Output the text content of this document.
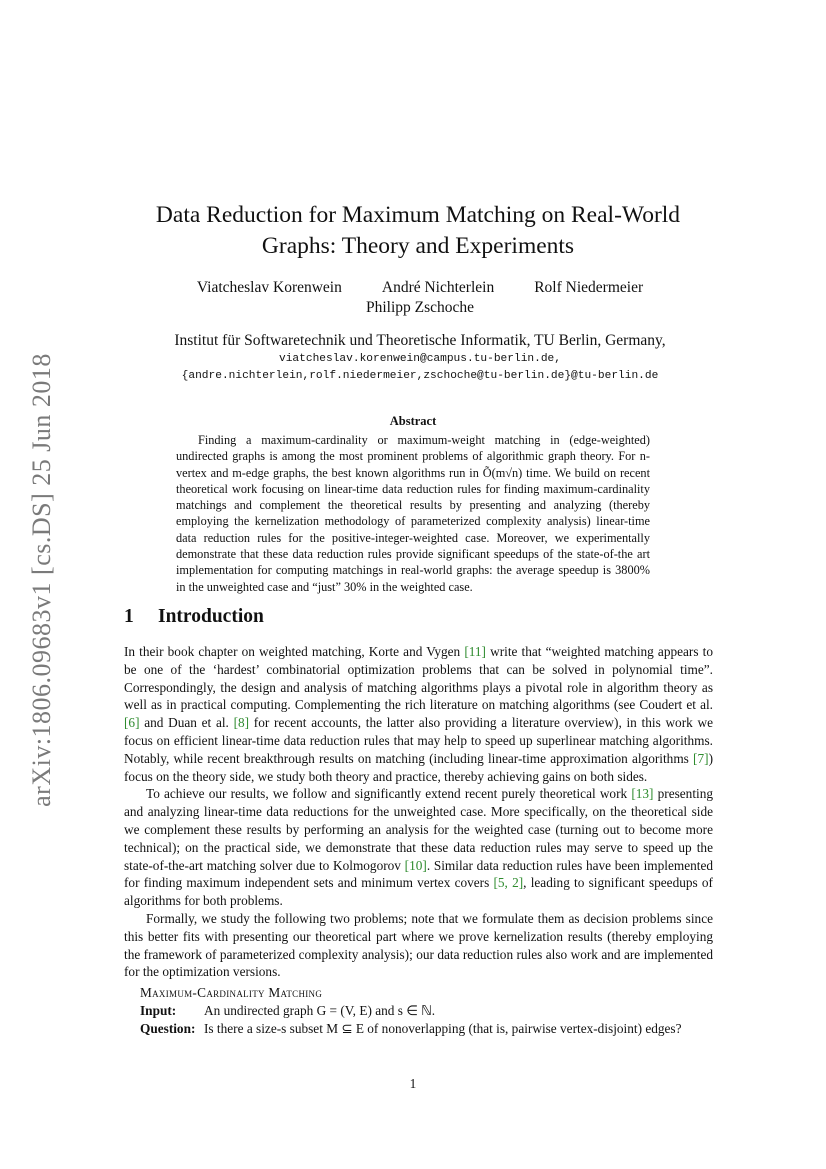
arXiv:1806.09683v1 [cs.DS] 25 Jun 2018
Data Reduction for Maximum Matching on Real-World
Graphs: Theory and Experiments
Viatcheslav Korenwein	André Nichterlein	Rolf Niedermeier
Philipp Zschoche
Institut für Softwaretechnik und Theoretische Informatik, TU Berlin, Germany,
viatcheslav.korenwein@campus.tu-berlin.de,
{andre.nichterlein,rolf.niedermeier,zschoche@tu-berlin.de}@tu-berlin.de
Abstract

Finding a maximum-cardinality or maximum-weight matching in (edge-weighted) undirected graphs is among the most prominent problems of algorithmic graph theory. For n-vertex and m-edge graphs, the best known algorithms run in Õ(m√n) time. We build on recent theoretical work focusing on linear-time data reduction rules for finding maximum-cardinality matchings and complement the theoretical results by presenting and analyzing (thereby employing the kernelization methodology of parameterized complexity analysis) linear-time data reduction rules for the positive-integer-weighted case. Moreover, we experimentally demonstrate that these data reduction rules provide significant speedups of the state-of-the art implementation for computing matchings in real-world graphs: the average speedup is 3800% in the unweighted case and “just” 30% in the weighted case.

1 Introduction

In their book chapter on weighted matching, Korte and Vygen [11] write that “weighted matching appears to be one of the ‘hardest’ combinatorial optimization problems that can be solved in polynomial time”. Correspondingly, the design and analysis of matching algorithms plays a pivotal role in algorithm theory as well as in practical computing. Complementing the rich literature on matching algorithms (see Coudert et al. [6] and Duan et al. [8] for recent accounts, the latter also providing a literature overview), in this work we focus on efficient linear-time data reduction rules that may help to speed up superlinear matching algorithms. Notably, while recent breakthrough results on matching (including linear-time approximation algorithms [7]) focus on the theory side, we study both theory and practice, thereby achieving gains on both sides.

To achieve our results, we follow and significantly extend recent purely theoretical work [13] presenting and analyzing linear-time data reductions for the unweighted case. More specifically, on the theoretical side we complement these results by performing an analysis for the weighted case (turning out to become more technical); on the practical side, we demonstrate that these data reduction rules may serve to speed up the state-of-the-art matching solver due to Kolmogorov [10]. Similar data reduction rules have been implemented for finding maximum independent sets and minimum vertex covers [5, 2], leading to significant speedups of algorithms for both problems.

Formally, we study the following two problems; note that we formulate them as decision problems since this better fits with presenting our theoretical part where we prove kernelization results (thereby employing the framework of parameterized complexity analysis); our data reduction rules also work and are implemented for the optimization versions.

Maximum-Cardinality Matching
Input:	An undirected graph G = (V, E) and s ∈ ℕ.
Question: Is there a size-s subset M ⊆ E of nonoverlapping (that is, pairwise vertex-disjoint) edges?
1
